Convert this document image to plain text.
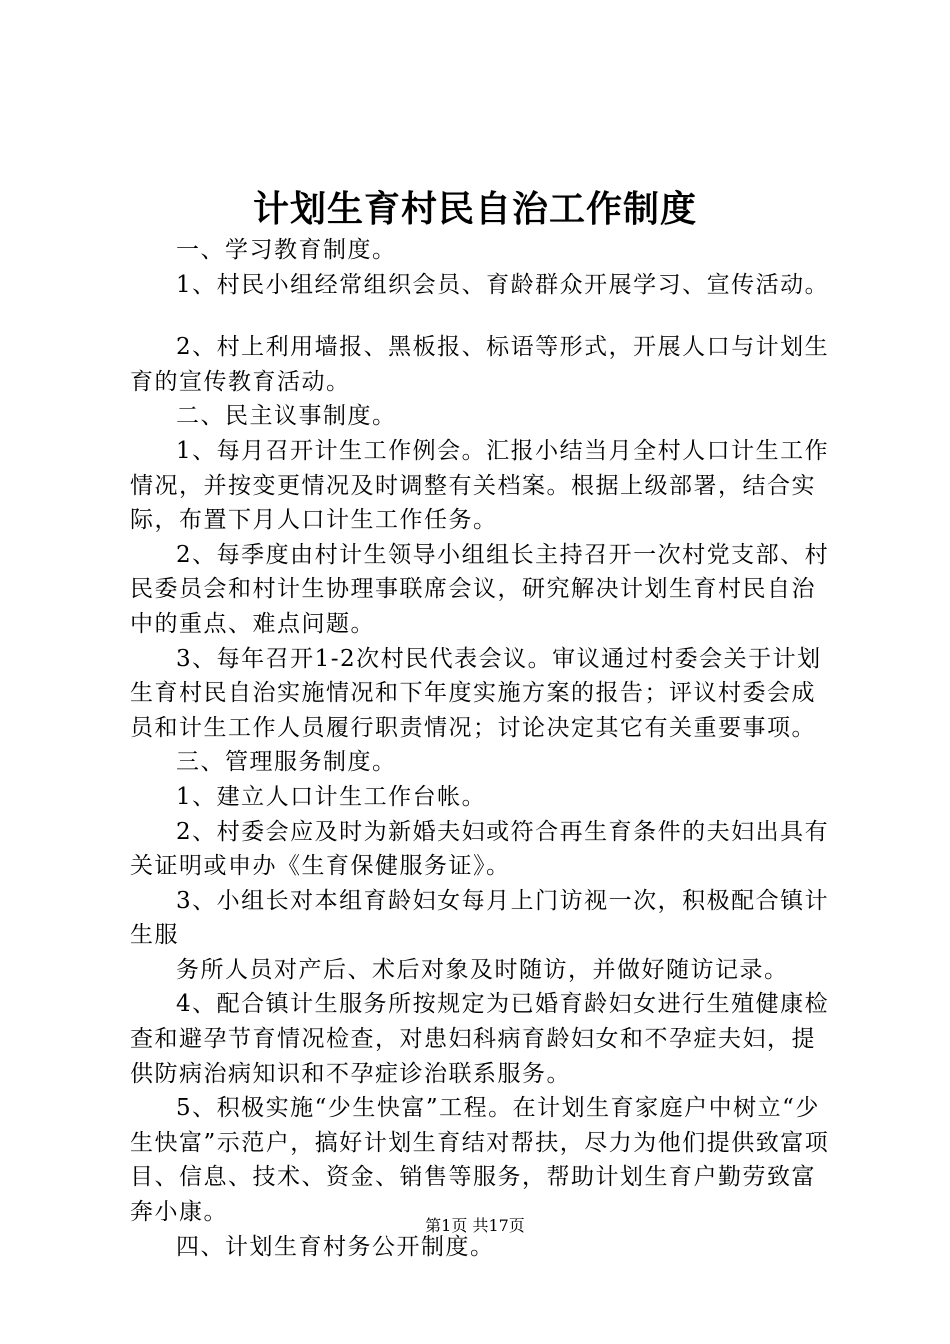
计划生育村民自治工作制度

一、学习教育制度。

1、村民小组经常组织会员、育龄群众开展学习、宣传活动。

2、村上利用墙报、黑板报、标语等形式，开展人口与计划生育的宣传教育活动。

二、民主议事制度。

1、每月召开计生工作例会。汇报小结当月全村人口计生工作情况，并按变更情况及时调整有关档案。根据上级部署，结合实际，布置下月人口计生工作任务。

2、每季度由村计生领导小组组长主持召开一次村党支部、村民委员会和村计生协理事联席会议，研究解决计划生育村民自治中的重点、难点问题。

3、每年召开1-2次村民代表会议。审议通过村委会关于计划生育村民自治实施情况和下年度实施方案的报告；评议村委会成员和计生工作人员履行职责情况；讨论决定其它有关重要事项。

三、管理服务制度。

1、建立人口计生工作台帐。

2、村委会应及时为新婚夫妇或符合再生育条件的夫妇出具有关证明或申办《生育保健服务证》。

3、小组长对本组育龄妇女每月上门访视一次，积极配合镇计生服

务所人员对产后、术后对象及时随访，并做好随访记录。

4、配合镇计生服务所按规定为已婚育龄妇女进行生殖健康检查和避孕节育情况检查，对患妇科病育龄妇女和不孕症夫妇，提供防病治病知识和不孕症诊治联系服务。

5、积极实施“少生快富”工程。在计划生育家庭户中树立“少生快富”示范户，搞好计划生育结对帮扶，尽力为他们提供致富项目、信息、技术、资金、销售等服务，帮助计划生育户勤劳致富奔小康。

四、计划生育村务公开制度。

第1页 共17页
